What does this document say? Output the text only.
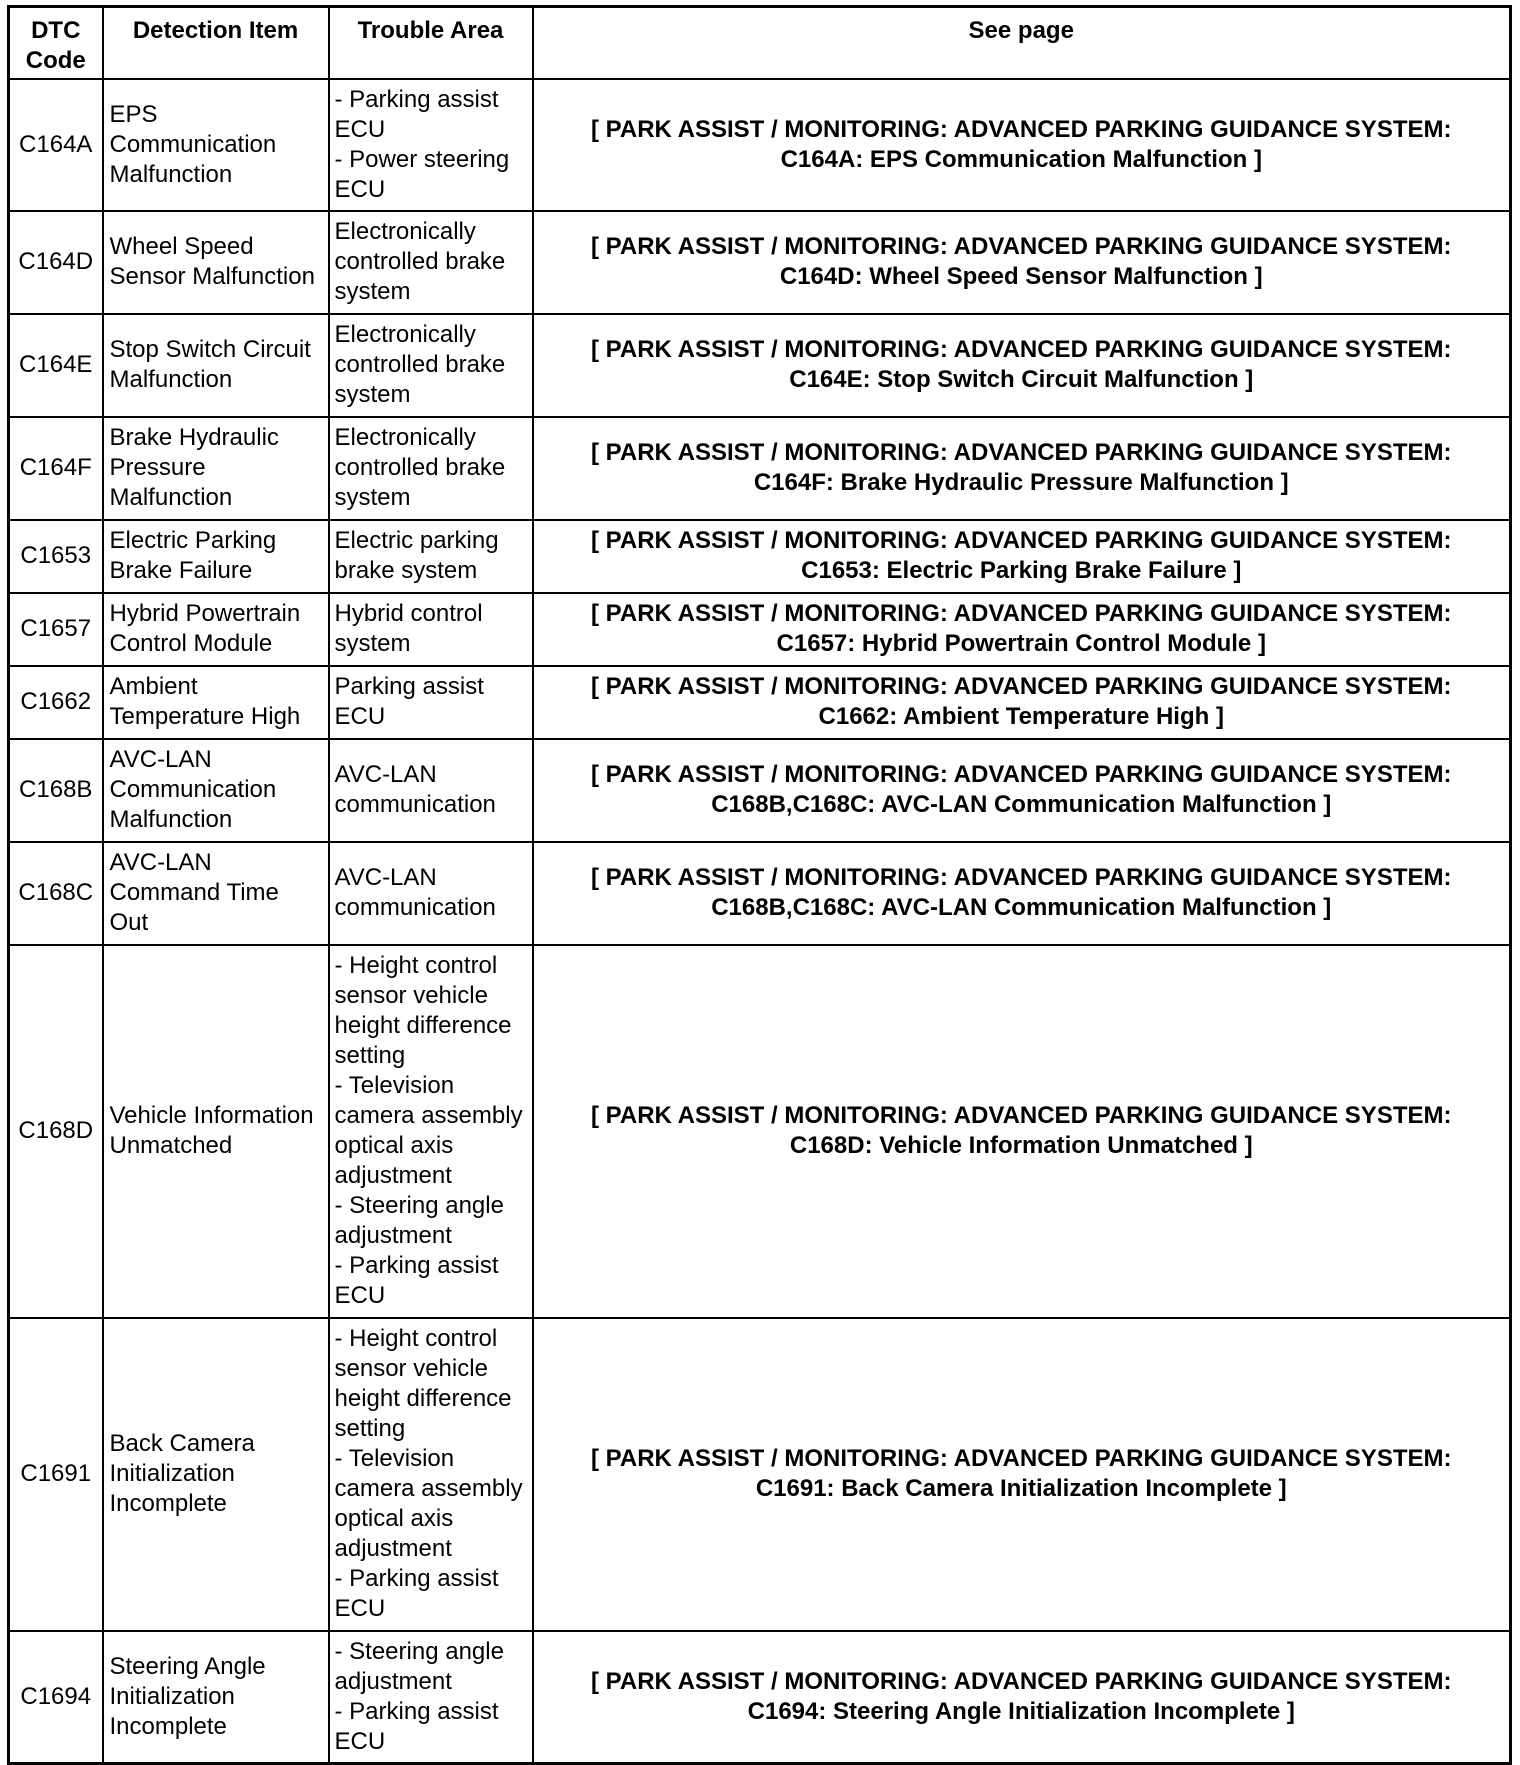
DTC
Code	Detection Item	Trouble Area	See page

C164A	EPS Communication Malfunction	- Parking assist ECU
- Power steering ECU	[ PARK ASSIST / MONITORING: ADVANCED PARKING GUIDANCE SYSTEM:
C164A: EPS Communication Malfunction ]

C164D	Wheel Speed Sensor Malfunction	Electronically controlled brake system	[ PARK ASSIST / MONITORING: ADVANCED PARKING GUIDANCE SYSTEM:
C164D: Wheel Speed Sensor Malfunction ]

C164E	Stop Switch Circuit Malfunction	Electronically controlled brake system	[ PARK ASSIST / MONITORING: ADVANCED PARKING GUIDANCE SYSTEM:
C164E: Stop Switch Circuit Malfunction ]

C164F	Brake Hydraulic Pressure Malfunction	Electronically controlled brake system	[ PARK ASSIST / MONITORING: ADVANCED PARKING GUIDANCE SYSTEM:
C164F: Brake Hydraulic Pressure Malfunction ]

C1653	Electric Parking Brake Failure	Electric parking brake system	[ PARK ASSIST / MONITORING: ADVANCED PARKING GUIDANCE SYSTEM:
C1653: Electric Parking Brake Failure ]

C1657	Hybrid Powertrain Control Module	Hybrid control system	[ PARK ASSIST / MONITORING: ADVANCED PARKING GUIDANCE SYSTEM:
C1657: Hybrid Powertrain Control Module ]

C1662	Ambient Temperature High	Parking assist ECU	[ PARK ASSIST / MONITORING: ADVANCED PARKING GUIDANCE SYSTEM:
C1662: Ambient Temperature High ]

C168B	AVC-LAN Communication Malfunction	AVC-LAN communication	[ PARK ASSIST / MONITORING: ADVANCED PARKING GUIDANCE SYSTEM:
C168B,C168C: AVC-LAN Communication Malfunction ]

C168C	AVC-LAN Command Time Out	AVC-LAN communication	[ PARK ASSIST / MONITORING: ADVANCED PARKING GUIDANCE SYSTEM:
C168B,C168C: AVC-LAN Communication Malfunction ]

C168D	Vehicle Information Unmatched	- Height control sensor vehicle height difference setting
- Television camera assembly optical axis adjustment
- Steering angle adjustment
- Parking assist ECU	[ PARK ASSIST / MONITORING: ADVANCED PARKING GUIDANCE SYSTEM:
C168D: Vehicle Information Unmatched ]

C1691	Back Camera Initialization Incomplete	- Height control sensor vehicle height difference setting
- Television camera assembly optical axis adjustment
- Parking assist ECU	[ PARK ASSIST / MONITORING: ADVANCED PARKING GUIDANCE SYSTEM:
C1691: Back Camera Initialization Incomplete ]

C1694	Steering Angle Initialization Incomplete	- Steering angle adjustment
- Parking assist ECU	[ PARK ASSIST / MONITORING: ADVANCED PARKING GUIDANCE SYSTEM:
C1694: Steering Angle Initialization Incomplete ]
